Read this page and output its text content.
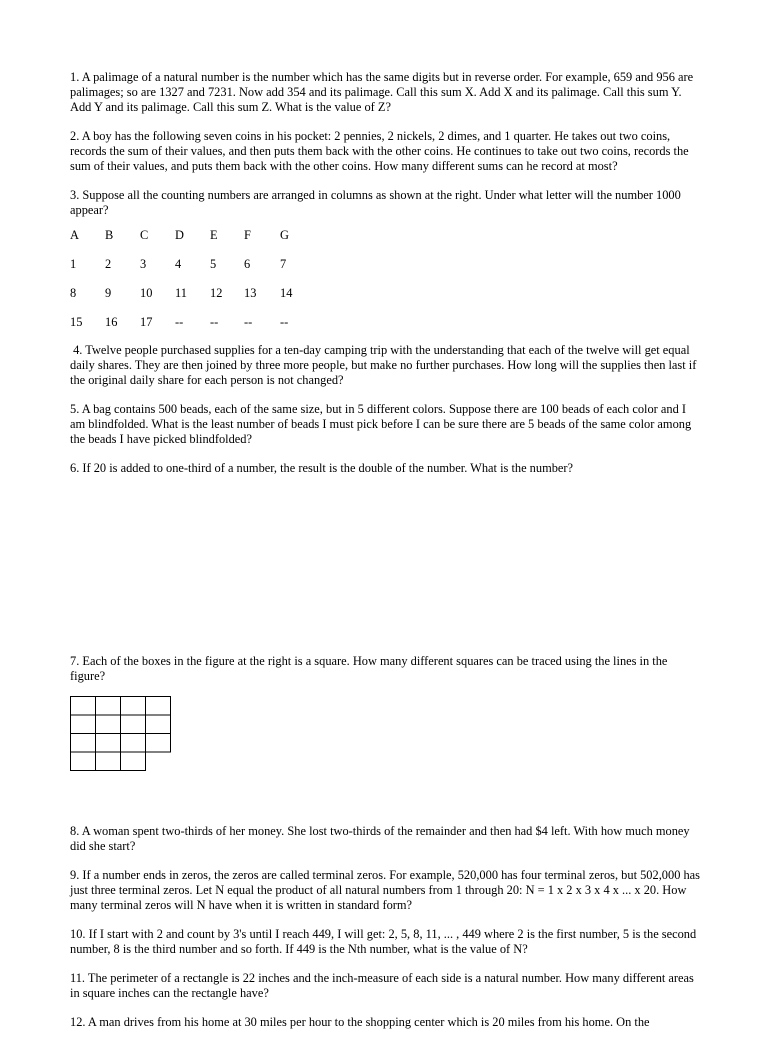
1. A palimage of a natural number is the number which has the same digits but in reverse order. For example, 659 and 956 are palimages; so are 1327 and 7231. Now add 354 and its palimage. Call this sum X. Add X and its palimage. Call this sum Y. Add Y and its palimage. Call this sum Z. What is the value of Z?

2. A boy has the following seven coins in his pocket: 2 pennies, 2 nickels, 2 dimes, and 1 quarter. He takes out two coins, records the sum of their values, and then puts them back with the other coins. He continues to take out two coins, records the sum of their values, and puts them back with the other coins. How many different sums can he record at most?

3. Suppose all the counting numbers are arranged in columns as shown at the right. Under what letter will the number 1000 appear?

A	B	C	D	E	F	G
1	2	3	4	5	6	7
8	9	10	11	12	13	14
15	16	17	--	--	--	--

4. Twelve people purchased supplies for a ten-day camping trip with the understanding that each of the twelve will get equal daily shares. They are then joined by three more people, but make no further purchases. How long will the supplies then last if the original daily share for each person is not changed?

5. A bag contains 500 beads, each of the same size, but in 5 different colors. Suppose there are 100 beads of each color and I am blindfolded. What is the least number of beads I must pick before I can be sure there are 5 beads of the same color among the beads I have picked blindfolded?

6. If 20 is added to one-third of a number, the result is the double of the number. What is the number?

7. Each of the boxes in the figure at the right is a square. How many different squares can be traced using the lines in the figure?

8. A woman spent two-thirds of her money. She lost two-thirds of the remainder and then had $4 left. With how much money did she start?

9. If a number ends in zeros, the zeros are called terminal zeros. For example, 520,000 has four terminal zeros, but 502,000 has just three terminal zeros. Let N equal the product of all natural numbers from 1 through 20: N = 1 x 2 x 3 x 4 x ... x 20. How many terminal zeros will N have when it is written in standard form?

10. If I start with 2 and count by 3's until I reach 449, I will get: 2, 5, 8, 11, ... , 449 where 2 is the first number, 5 is the second number, 8 is the third number and so forth. If 449 is the Nth number, what is the value of N?

11. The perimeter of a rectangle is 22 inches and the inch-measure of each side is a natural number. How many different areas in square inches can the rectangle have?

12. A man drives from his home at 30 miles per hour to the shopping center which is 20 miles from his home. On the
